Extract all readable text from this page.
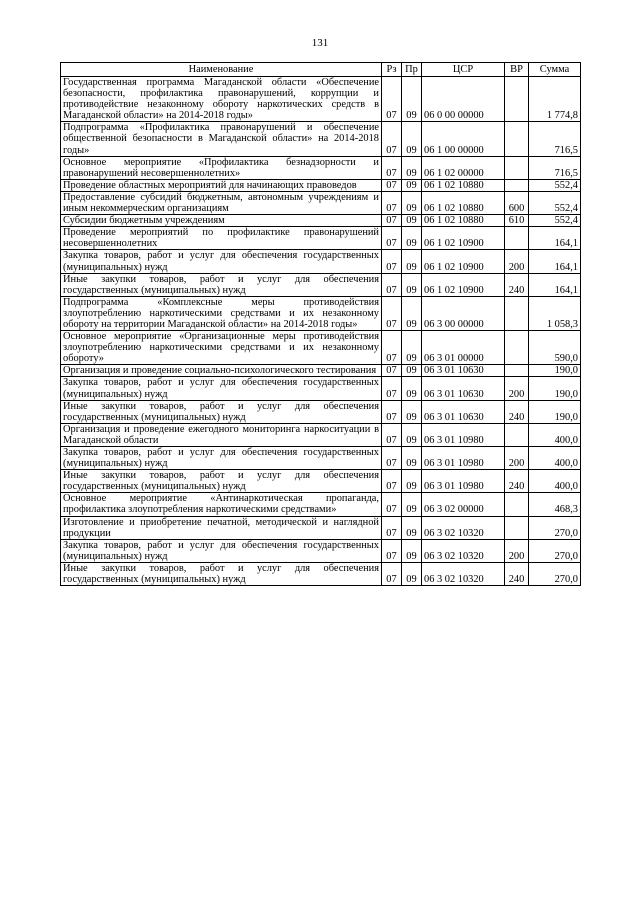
131
Наименование	Рз	Пр	ЦСР	ВР	Сумма
Государственная программа Магаданской области «Обеспечение безопасности, профилактика правонарушений, коррупции и противодействие незаконному обороту наркотических средств в Магаданской области» на 2014-2018 годы»	07	09	06 0 00 00000		1 774,8
Подпрограмма «Профилактика правонарушений и обеспечение общественной безопасности в Магаданской области» на 2014-2018 годы»	07	09	06 1 00 00000		716,5
Основное мероприятие «Профилактика безнадзорности и правонарушений несовершеннолетних»	07	09	06 1 02 00000		716,5
Проведение областных мероприятий для начинающих правоведов	07	09	06 1 02 10880		552,4
Предоставление субсидий бюджетным, автономным учреждениям и иным некоммерческим организациям	07	09	06 1 02 10880	600	552,4
Субсидии бюджетным учреждениям	07	09	06 1 02 10880	610	552,4
Проведение мероприятий по профилактике правонарушений несовершеннолетних	07	09	06 1 02 10900		164,1
Закупка товаров, работ и услуг для обеспечения государственных (муниципальных) нужд	07	09	06 1 02 10900	200	164,1
Иные закупки товаров, работ и услуг для обеспечения государственных (муниципальных) нужд	07	09	06 1 02 10900	240	164,1
Подпрограмма «Комплексные меры противодействия злоупотреблению наркотическими средствами и их незаконному обороту на территории Магаданской области» на 2014-2018 годы»	07	09	06 3 00 00000		1 058,3
Основное мероприятие «Организационные меры противодействия злоупотреблению наркотическими средствами и их незаконному обороту»	07	09	06 3 01 00000		590,0
Организация и проведение социально-психологического тестирования	07	09	06 3 01 10630		190,0
Закупка товаров, работ и услуг для обеспечения государственных (муниципальных) нужд	07	09	06 3 01 10630	200	190,0
Иные закупки товаров, работ и услуг для обеспечения государственных (муниципальных) нужд	07	09	06 3 01 10630	240	190,0
Организация и проведение ежегодного мониторинга наркоситуации в Магаданской области	07	09	06 3 01 10980		400,0
Закупка товаров, работ и услуг для обеспечения государственных (муниципальных) нужд	07	09	06 3 01 10980	200	400,0
Иные закупки товаров, работ и услуг для обеспечения государственных (муниципальных) нужд	07	09	06 3 01 10980	240	400,0
Основное мероприятие «Антинаркотическая пропаганда, профилактика злоупотребления наркотическими средствами»	07	09	06 3 02 00000		468,3
Изготовление и приобретение печатной, методической и наглядной продукции	07	09	06 3 02 10320		270,0
Закупка товаров, работ и услуг для обеспечения государственных (муниципальных) нужд	07	09	06 3 02 10320	200	270,0
Иные закупки товаров, работ и услуг для обеспечения государственных (муниципальных) нужд	07	09	06 3 02 10320	240	270,0
